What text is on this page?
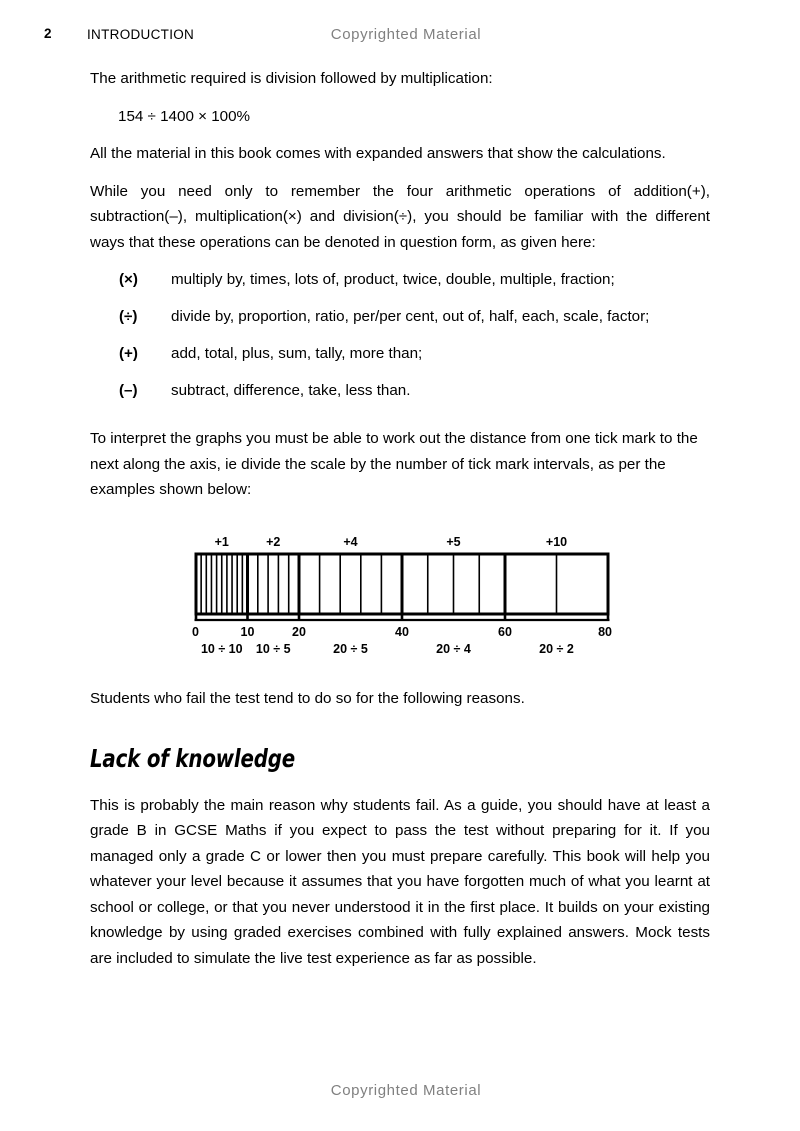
2	INTRODUCTION	Copyrighted Material

The arithmetic required is division followed by multiplication:

154 ÷ 1400 × 100%

All the material in this book comes with expanded answers that show the calculations.

While you need only to remember the four arithmetic operations of addition(+), subtraction(–), multiplication(×) and division(÷), you should be familiar with the different ways that these operations can be denoted in question form, as given here:

(×)	multiply by, times, lots of, product, twice, double, multiple, fraction;
(÷)	divide by, proportion, ratio, per/per cent, out of, half, each, scale, factor;
(+)	add, total, plus, sum, tally, more than;
(–)	subtract, difference, take, less than.

To interpret the graphs you must be able to work out the distance from one tick mark to the next along the axis, ie divide the scale by the number of tick mark intervals, as per the examples shown below:

+1
10 ÷ 10
+2
10 ÷ 5
+4
20 ÷ 5
+5
20 ÷ 4
+10
20 ÷ 2
0	10	20	40	60	80

Students who fail the test tend to do so for the following reasons.

Lack of knowledge

This is probably the main reason why students fail. As a guide, you should have at least a grade B in GCSE Maths if you expect to pass the test without preparing for it. If you managed only a grade C or lower then you must prepare carefully. This book will help you whatever your level because it assumes that you have forgotten much of what you learnt at school or college, or that you never understood it in the first place. It builds on your existing knowledge by using graded exercises combined with fully explained answers. Mock tests are included to simulate the live test experience as far as possible.

Copyrighted Material
